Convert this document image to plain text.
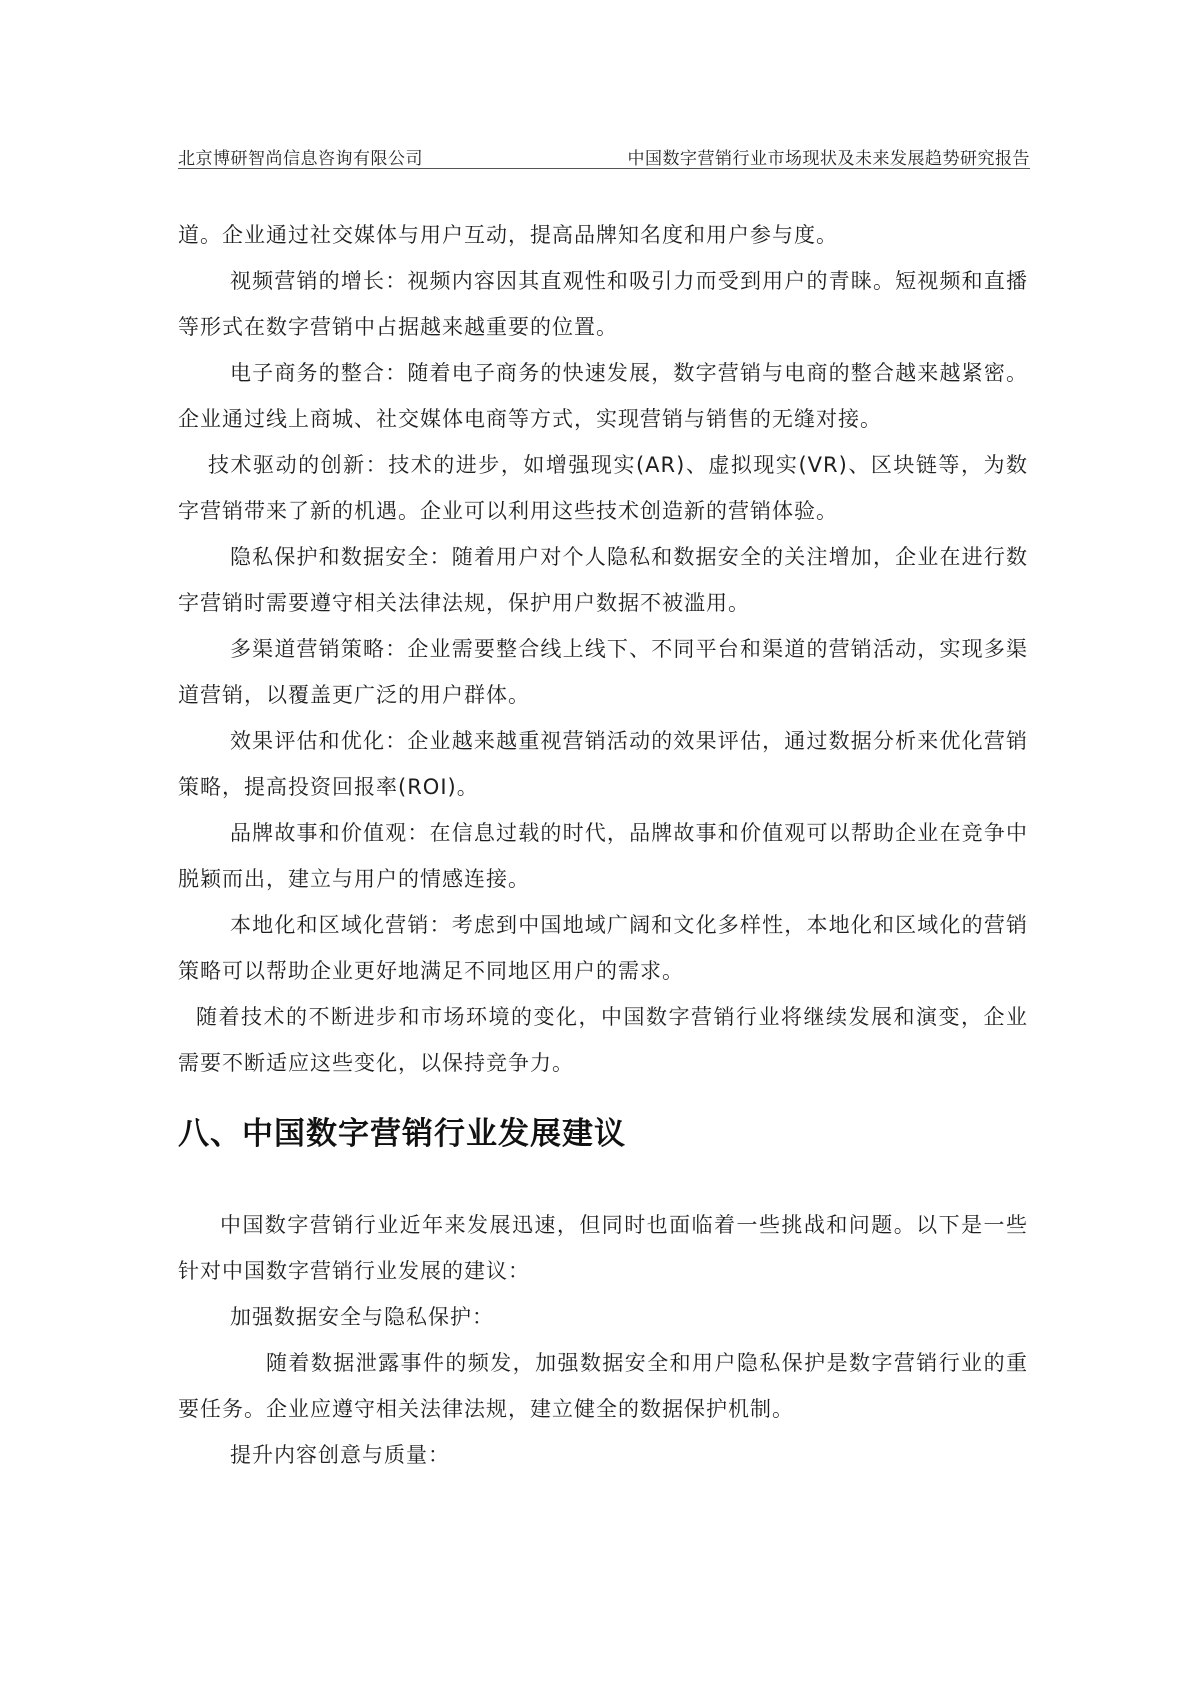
北京博研智尚信息咨询有限公司	中国数字营销行业市场现状及未来发展趋势研究报告

道。企业通过社交媒体与用户互动，提高品牌知名度和用户参与度。

视频营销的增长：视频内容因其直观性和吸引力而受到用户的青睐。短视频和直播等形式在数字营销中占据越来越重要的位置。

电子商务的整合：随着电子商务的快速发展，数字营销与电商的整合越来越紧密。企业通过线上商城、社交媒体电商等方式，实现营销与销售的无缝对接。

技术驱动的创新：技术的进步，如增强现实(AR)、虚拟现实(VR)、区块链等，为数字营销带来了新的机遇。企业可以利用这些技术创造新的营销体验。

隐私保护和数据安全：随着用户对个人隐私和数据安全的关注增加，企业在进行数字营销时需要遵守相关法律法规，保护用户数据不被滥用。

多渠道营销策略：企业需要整合线上线下、不同平台和渠道的营销活动，实现多渠道营销，以覆盖更广泛的用户群体。

效果评估和优化：企业越来越重视营销活动的效果评估，通过数据分析来优化营销策略，提高投资回报率(ROI)。

品牌故事和价值观：在信息过载的时代，品牌故事和价值观可以帮助企业在竞争中脱颖而出，建立与用户的情感连接。

本地化和区域化营销：考虑到中国地域广阔和文化多样性，本地化和区域化的营销策略可以帮助企业更好地满足不同地区用户的需求。

随着技术的不断进步和市场环境的变化，中国数字营销行业将继续发展和演变，企业需要不断适应这些变化，以保持竞争力。

八、中国数字营销行业发展建议

中国数字营销行业近年来发展迅速，但同时也面临着一些挑战和问题。以下是一些针对中国数字营销行业发展的建议：

加强数据安全与隐私保护：

随着数据泄露事件的频发，加强数据安全和用户隐私保护是数字营销行业的重要任务。企业应遵守相关法律法规，建立健全的数据保护机制。

提升内容创意与质量：
